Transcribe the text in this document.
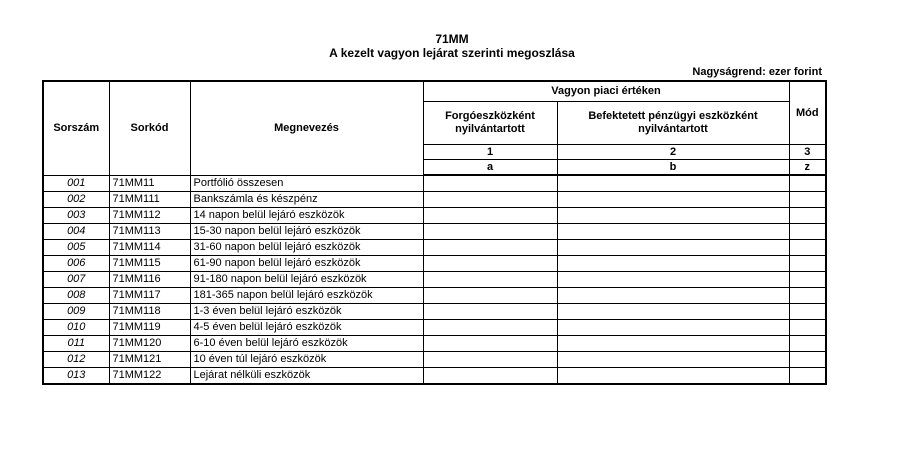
71MM
A kezelt vagyon lejárat szerinti megoszlása
Nagyságrend: ezer forint
Sorszám	Sorkód	Megnevezés	Vagyon piaci értéken		Mód
			Forgóeszközként nyilvántartott	Befektetett pénzügyi eszközként nyilvántartott	
			1	2	3
			a	b	z
001	71MM11	Portfólió összesen			
002	71MM111	Bankszámla és készpénz			
003	71MM112	14 napon belül lejáró eszközök			
004	71MM113	15-30 napon belül lejáró eszközök			
005	71MM114	31-60 napon belül lejáró eszközök			
006	71MM115	61-90 napon belül lejáró eszközök			
007	71MM116	91-180 napon belül lejáró eszközök			
008	71MM117	181-365 napon belül lejáró eszközök			
009	71MM118	1-3 éven belül lejáró eszközök			
010	71MM119	4-5 éven belül lejáró eszközök			
011	71MM120	6-10 éven belül lejáró eszközök			
012	71MM121	10 éven túl lejáró eszközök			
013	71MM122	Lejárat nélküli eszközök			
